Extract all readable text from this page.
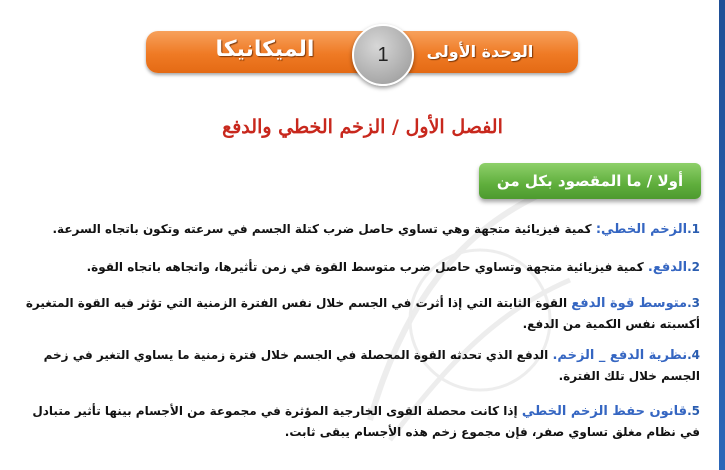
الميكانيكا	الوحدة الأولى
1
الفصل الأول / الزخم الخطي والدفع
أولا / ما المقصود بكل من
1.الزخم الخطي: كمية فيزيائية متجهة وهي تساوي حاصل ضرب كتلة الجسم في سرعته وتكون باتجاه السرعة.
2.الدفع. كمية فيزيائية متجهة وتساوي حاصل ضرب متوسط القوة في زمن تأثيرها، واتجاهه باتجاه القوة.
3.متوسط قوة الدفع القوة الثابتة التي إذا أثرت في الجسم خلال نفس الفترة الزمنية التي تؤثر فيه القوة المتغيرة أكسبته نفس الكمية من الدفع.
4.نظرية الدفع _ الزخم. الدفع الذي تحدثه القوة المحصلة في الجسم خلال فترة زمنية ما يساوي التغير في زخم الجسم خلال تلك الفترة.
5.قانون حفظ الزخم الخطي إذا كانت محصلة القوى الخارجية المؤثرة في مجموعة من الأجسام بينها تأثير متبادل في نظام مغلق تساوي صفر، فإن مجموع زخم هذه الأجسام يبقى ثابت.
